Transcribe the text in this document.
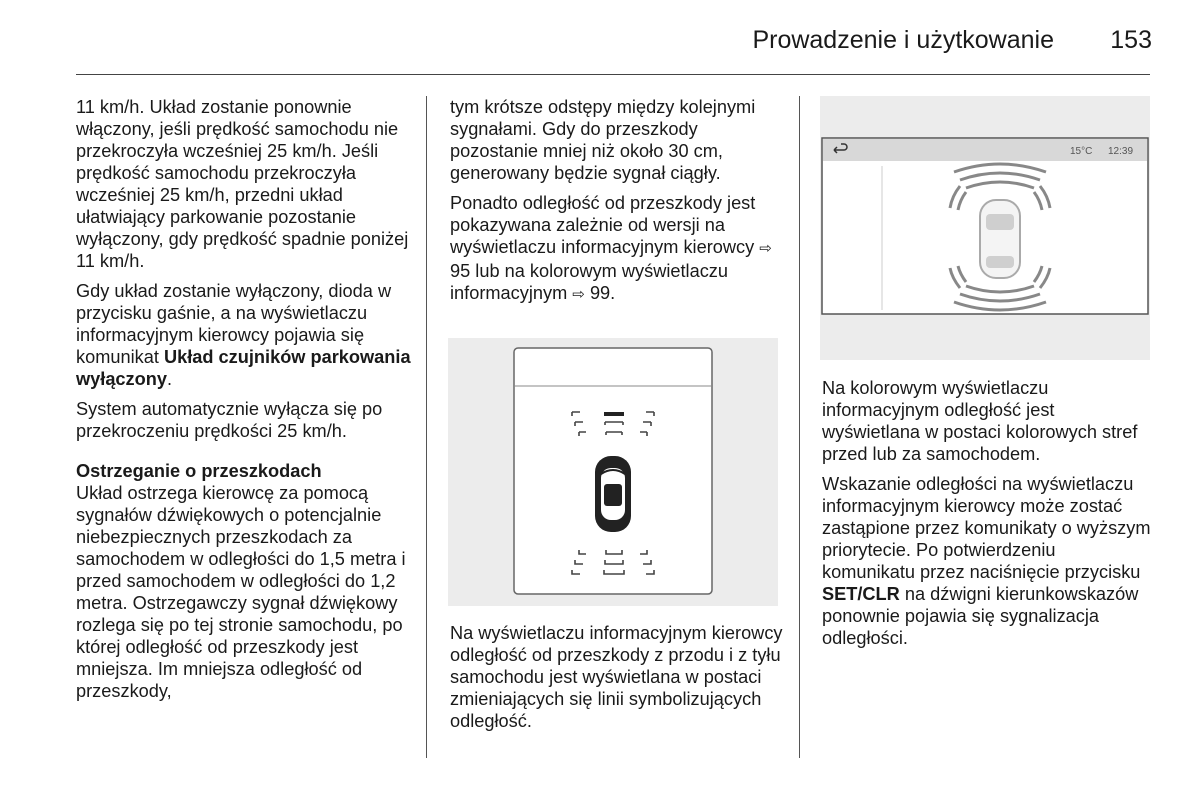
Prowadzenie i użytkowanie 153

11 km/h. Układ zostanie ponownie włączony, jeśli prędkość samochodu nie przekroczyła wcześniej 25 km/h. Jeśli prędkość samochodu przekroczyła wcześniej 25 km/h, przedni układ ułatwiający parkowanie pozostanie wyłączony, gdy prędkość spadnie poniżej 11 km/h.

Gdy układ zostanie wyłączony, dioda w przycisku gaśnie, a na wyświetlaczu informacyjnym kierowcy pojawia się komunikat Układ czujników parkowania wyłączony.

System automatycznie wyłącza się po przekroczeniu prędkości 25 km/h.

Ostrzeganie o przeszkodach

Układ ostrzega kierowcę za pomocą sygnałów dźwiękowych o potencjalnie niebezpiecznych przeszkodach za samochodem w odległości do 1,5 metra i przed samochodem w odległości do 1,2 metra. Ostrzegawczy sygnał dźwiękowy rozlega się po tej stronie samochodu, po której odległość od przeszkody jest mniejsza. Im mniejsza odległość od przeszkody,

tym krótsze odstępy między kolejnymi sygnałami. Gdy do przeszkody pozostanie mniej niż około 30 cm, generowany będzie sygnał ciągły.

Ponadto odległość od przeszkody jest pokazywana zależnie od wersji na wyświetlaczu informacyjnym kierowcy ⇨ 95 lub na kolorowym wyświetlaczu informacyjnym ⇨ 99.

Na wyświetlaczu informacyjnym kierowcy odległość od przeszkody z przodu i z tyłu samochodu jest wyświetlana w postaci zmieniających się linii symbolizujących odległość.

15°C 12:39

Na kolorowym wyświetlaczu informacyjnym odległość jest wyświetlana w postaci kolorowych stref przed lub za samochodem.

Wskazanie odległości na wyświetlaczu informacyjnym kierowcy może zostać zastąpione przez komunikaty o wyższym priorytecie. Po potwierdzeniu komunikatu przez naciśnięcie przycisku SET/CLR na dźwigni kierunkowskazów ponownie pojawia się sygnalizacja odległości.
